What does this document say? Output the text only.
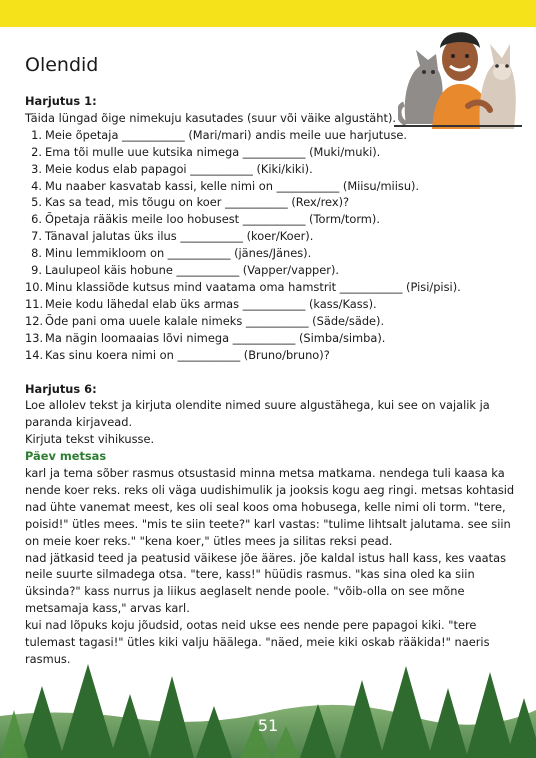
Olendid

Harjutus 1:

Täida lüngad õige nimekuju kasutades (suur või väike algustäht).

1. Meie õpetaja ___________ (Mari/mari) andis meile uue harjutuse.
2. Ema tõi mulle uue kutsika nimega ___________ (Muki/muki).
3. Meie kodus elab papagoi ___________ (Kiki/kiki).
4. Mu naaber kasvatab kassi, kelle nimi on ___________ (Miisu/miisu).
5. Kas sa tead, mis tõugu on koer ___________ (Rex/rex)?
6. Õpetaja rääkis meile loo hobusest ___________ (Torm/torm).
7. Tänaval jalutas üks ilus ___________ (koer/Koer).
8. Minu lemmikloom on ___________ (jänes/Jänes).
9. Laulupeol käis hobune ___________ (Vapper/vapper).
10. Minu klassiõde kutsus mind vaatama oma hamstrit ___________ (Pisi/pisi).
11. Meie kodu lähedal elab üks armas ___________ (kass/Kass).
12. Õde pani oma uuele kalale nimeks ___________ (Säde/säde).
13. Ma nägin loomaaias lõvi nimega ___________ (Simba/simba).
14. Kas sinu koera nimi on ___________ (Bruno/bruno)?

Harjutus 6:

Loe allolev tekst ja kirjuta olendite nimed suure algustähega, kui see on vajalik ja paranda kirjavead.

Kirjuta tekst vihikusse.

Päev metsas

karl ja tema sõber rasmus otsustasid minna metsa matkama. nendega tuli kaasa ka nende koer reks. reks oli väga uudishimulik ja jooksis kogu aeg ringi. metsas kohtasid nad ühte vanemat meest, kes oli seal koos oma hobusega, kelle nimi oli torm. "tere, poisid!" ütles mees. "mis te siin teete?" karl vastas: "tulime lihtsalt jalutama. see siin on meie koer reks." "kena koer," ütles mees ja silitas reksi pead.

nad jätkasid teed ja peatusid väikese jõe ääres. jõe kaldal istus hall kass, kes vaatas neile suurte silmadega otsa. "tere, kass!" hüüdis rasmus. "kas sina oled ka siin üksinda?" kass nurrus ja liikus aeglaselt nende poole. "võib-olla on see mõne metsamaja kass," arvas karl.

kui nad lõpuks koju jõudsid, ootas neid ukse ees nende pere papagoi kiki. "tere tulemast tagasi!" ütles kiki valju häälega. "näed, meie kiki oskab rääkida!" naeris rasmus.

51
